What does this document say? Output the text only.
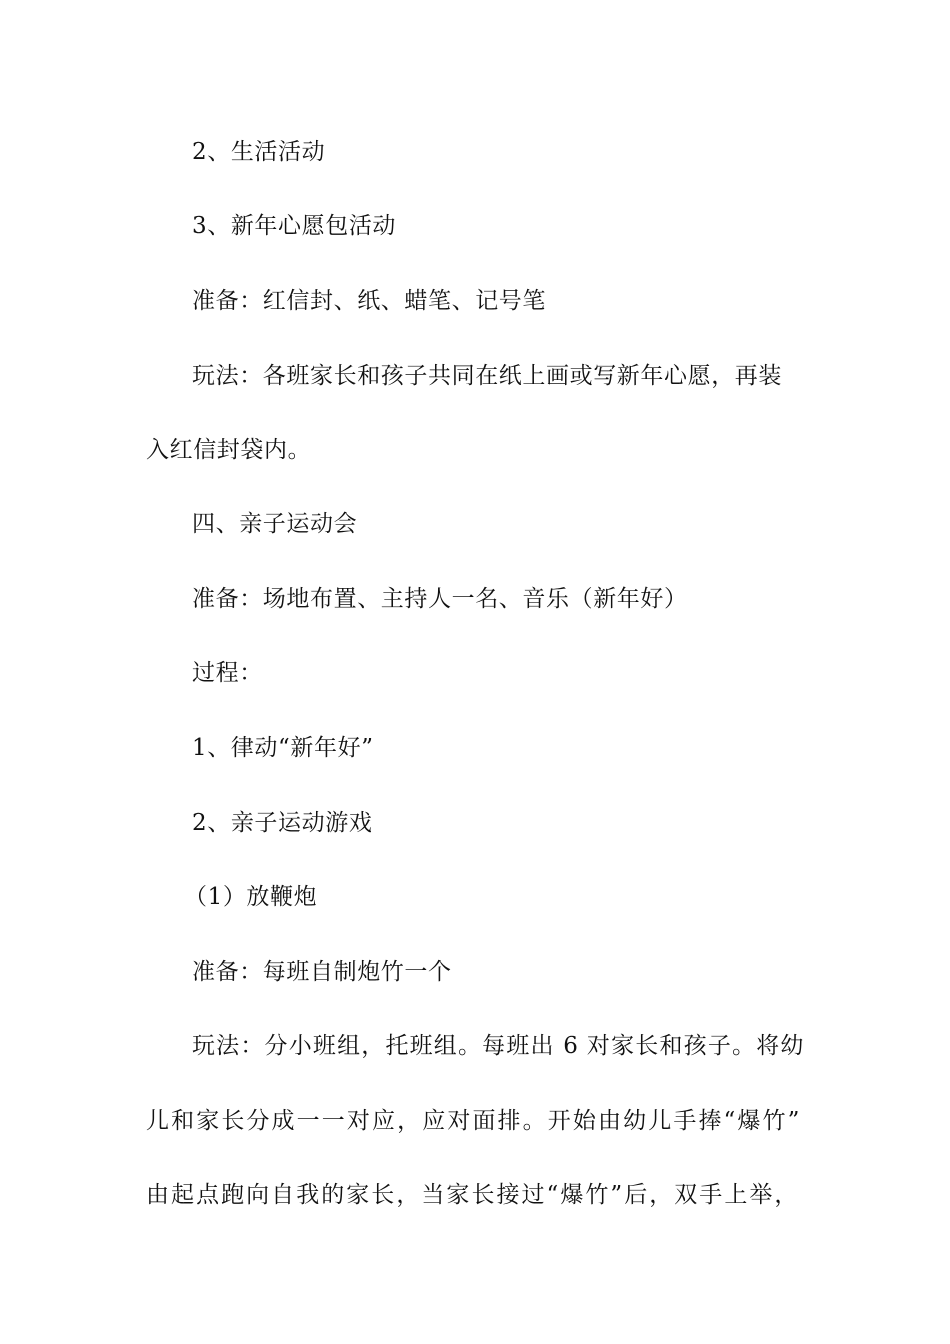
2、生活活动
3、新年心愿包活动
准备：红信封、纸、蜡笔、记号笔
玩法：各班家长和孩子共同在纸上画或写新年心愿，再装
入红信封袋内。
四、亲子运动会
准备：场地布置、主持人一名、音乐（新年好）
过程：
1、律动“新年好”
2、亲子运动游戏
（1）放鞭炮
准备：每班自制炮竹一个
玩法：分小班组，托班组。每班出 6 对家长和孩子。将幼
儿和家长分成一一对应，应对面排。开始由幼儿手捧“爆竹”
由起点跑向自我的家长，当家长接过“爆竹”后，双手上举，
